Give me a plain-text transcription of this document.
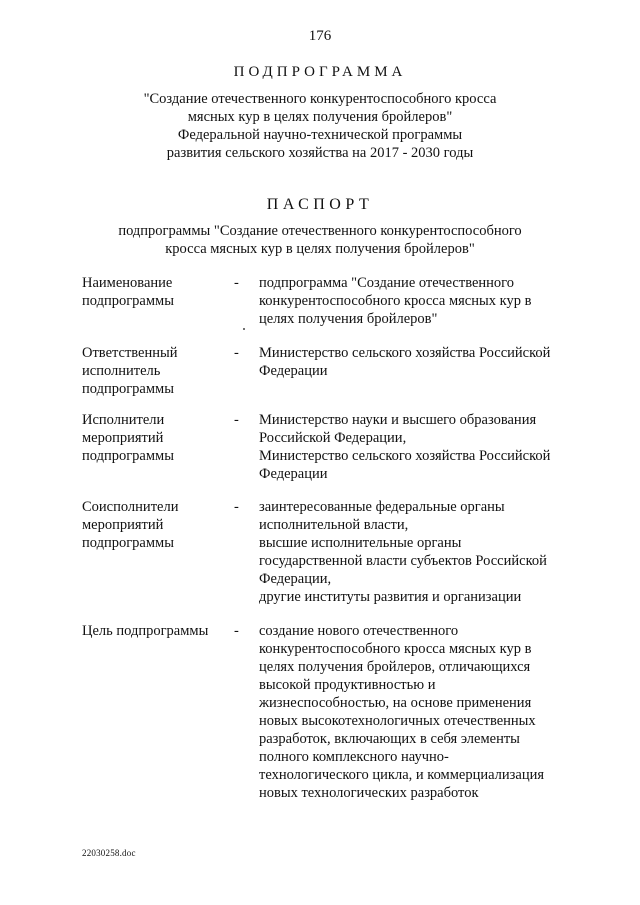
176
ПОДПРОГРАММА
"Создание отечественного конкурентоспособного кросса
мясных кур в целях получения бройлеров"
Федеральной научно-технической программы
развития сельского хозяйства на 2017 - 2030 годы
ПАСПОРТ
подпрограммы "Создание отечественного конкурентоспособного
кросса мясных кур в целях получения бройлеров"
Наименование
подпрограммы
- подпрограмма "Создание отечественного
конкурентоспособного кросса мясных кур в
целях получения бройлеров"
Ответственный
исполнитель
подпрограммы
- Министерство сельского хозяйства Российской
Федерации
Исполнители
мероприятий
подпрограммы
- Министерство науки и высшего образования
Российской Федерации,
Министерство сельского хозяйства Российской
Федерации
Соисполнители
мероприятий
подпрограммы
- заинтересованные федеральные органы
исполнительной власти,
высшие исполнительные органы
государственной власти субъектов Российской
Федерации,
другие институты развития и организации
Цель подпрограммы	- создание нового отечественного
конкурентоспособного кросса мясных кур в
целях получения бройлеров, отличающихся
высокой продуктивностью и
жизнеспособностью, на основе применения
новых высокотехнологичных отечественных
разработок, включающих в себя элементы
полного комплексного научно-
технологического цикла, и коммерциализация
новых технологических разработок
22030258.doc
